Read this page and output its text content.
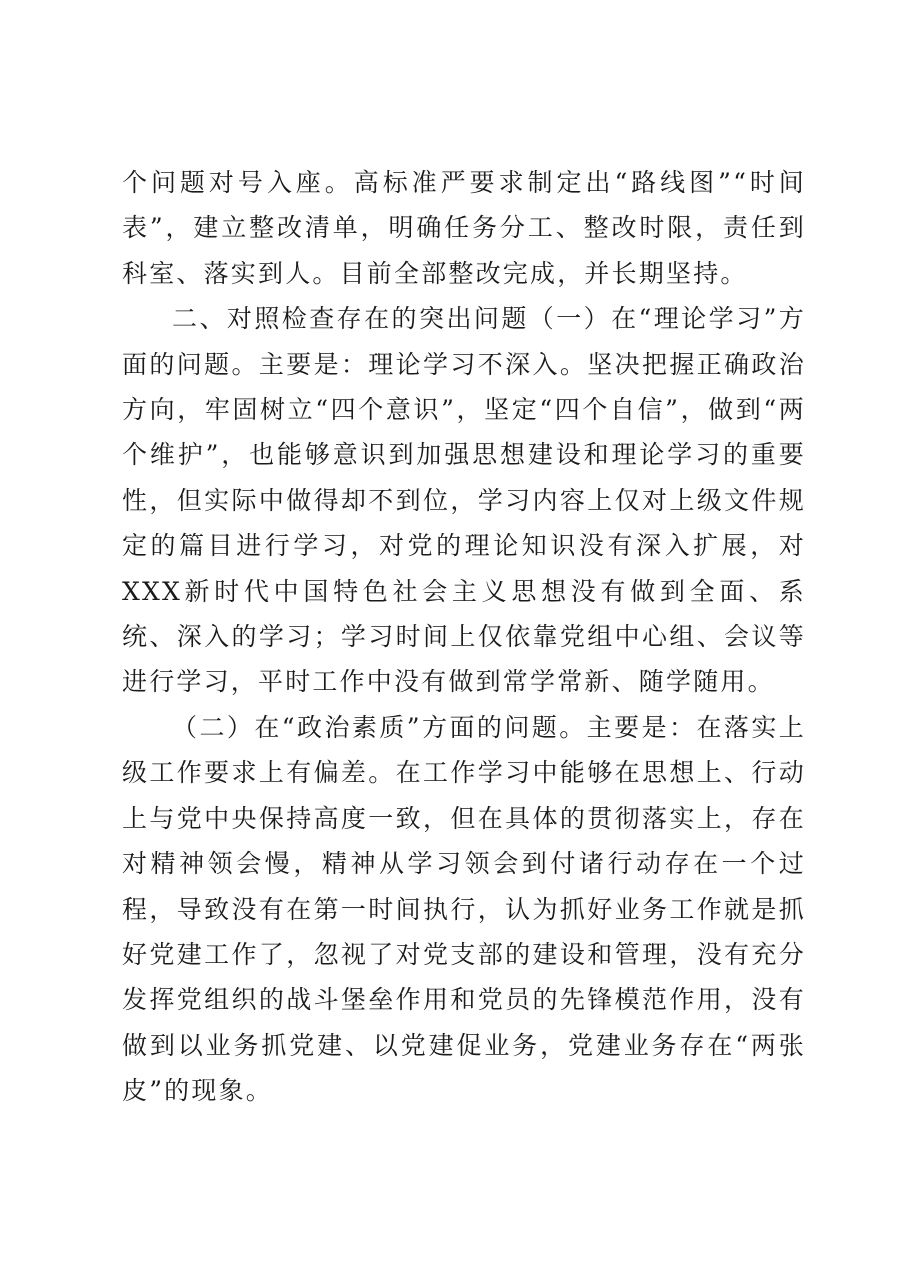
个问题对号入座。高标准严要求制定出“路线图”“时间表”，建立整改清单，明确任务分工、整改时限，责任到科室、落实到人。目前全部整改完成，并长期坚持。

二、对照检查存在的突出问题（一）在“理论学习”方面的问题。主要是：理论学习不深入。坚决把握正确政治方向，牢固树立“四个意识”，坚定“四个自信”，做到“两个维护”，也能够意识到加强思想建设和理论学习的重要性，但实际中做得却不到位，学习内容上仅对上级文件规定的篇目进行学习，对党的理论知识没有深入扩展，对XXX新时代中国特色社会主义思想没有做到全面、系统、深入的学习；学习时间上仅依靠党组中心组、会议等进行学习，平时工作中没有做到常学常新、随学随用。

（二）在“政治素质”方面的问题。主要是：在落实上级工作要求上有偏差。在工作学习中能够在思想上、行动上与党中央保持高度一致，但在具体的贯彻落实上，存在对精神领会慢，精神从学习领会到付诸行动存在一个过程，导致没有在第一时间执行，认为抓好业务工作就是抓好党建工作了，忽视了对党支部的建设和管理，没有充分发挥党组织的战斗堡垒作用和党员的先锋模范作用，没有做到以业务抓党建、以党建促业务，党建业务存在“两张皮”的现象。
